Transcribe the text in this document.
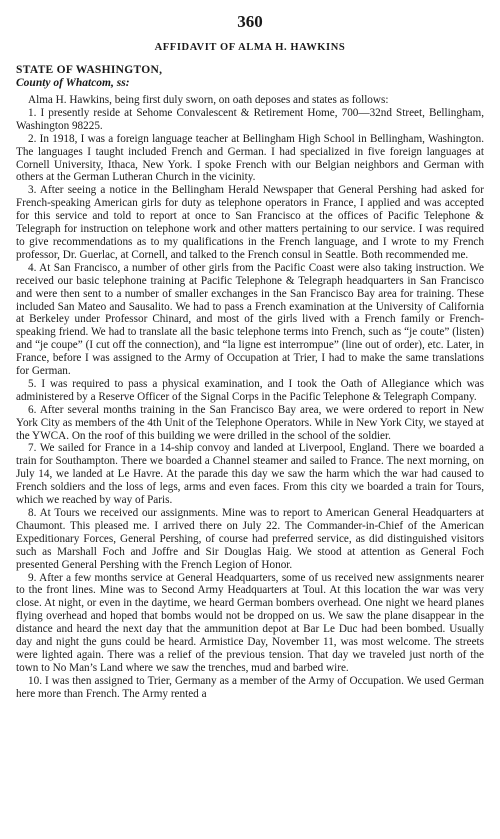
360
AFFIDAVIT OF ALMA H. HAWKINS
STATE OF WASHINGTON,
County of Whatcom, ss:

Alma H. Hawkins, being first duly sworn, on oath deposes and states as follows:

1. I presently reside at Sehome Convalescent & Retirement Home, 700—32nd Street, Bellingham, Washington 98225.

2. In 1918, I was a foreign language teacher at Bellingham High School in Bellingham, Washington. The languages I taught included French and German. I had specialized in five foreign languages at Cornell University, Ithaca, New York. I spoke French with our Belgian neighbors and German with others at the German Lutheran Church in the vicinity.

3. After seeing a notice in the Bellingham Herald Newspaper that General Pershing had asked for French-speaking American girls for duty as telephone operators in France, I applied and was accepted for this service and told to report at once to San Francisco at the offices of Pacific Telephone & Telegraph for instruction on telephone work and other matters pertaining to our service. I was required to give recommendations as to my qualifications in the French language, and I wrote to my French professor, Dr. Guerlac, at Cornell, and talked to the French consul in Seattle. Both recommended me.

4. At San Francisco, a number of other girls from the Pacific Coast were also taking instruction. We received our basic telephone training at Pacific Telephone & Telegraph headquarters in San Francisco and were then sent to a number of smaller exchanges in the San Francisco Bay area for training. These included San Mateo and Sausalito. We had to pass a French examination at the University of California at Berkeley under Professor Chinard, and most of the girls lived with a French family or French-speaking friend. We had to translate all the basic telephone terms into French, such as “je coute” (listen) and “je coupe” (I cut off the connection), and “la ligne est interrompue” (line out of order), etc. Later, in France, before I was assigned to the Army of Occupation at Trier, I had to make the same translations for German.

5. I was required to pass a physical examination, and I took the Oath of Allegiance which was administered by a Reserve Officer of the Signal Corps in the Pacific Telephone & Telegraph Company.

6. After several months training in the San Francisco Bay area, we were ordered to report in New York City as members of the 4th Unit of the Telephone Operators. While in New York City, we stayed at the YWCA. On the roof of this building we were drilled in the school of the soldier.

7. We sailed for France in a 14-ship convoy and landed at Liverpool, England. There we boarded a train for Southampton. There we boarded a Channel steamer and sailed to France. The next morning, on July 14, we landed at Le Havre. At the parade this day we saw the harm which the war had caused to French soldiers and the loss of legs, arms and even faces. From this city we boarded a train for Tours, which we reached by way of Paris.

8. At Tours we received our assignments. Mine was to report to American General Headquarters at Chaumont. This pleased me. I arrived there on July 22. The Commander-in-Chief of the American Expeditionary Forces, General Pershing, of course had preferred service, as did distinguished visitors such as Marshall Foch and Joffre and Sir Douglas Haig. We stood at attention as General Foch presented General Pershing with the French Legion of Honor.

9. After a few months service at General Headquarters, some of us received new assignments nearer to the front lines. Mine was to Second Army Headquarters at Toul. At this location the war was very close. At night, or even in the daytime, we heard German bombers overhead. One night we heard planes flying overhead and hoped that bombs would not be dropped on us. We saw the plane disappear in the distance and heard the next day that the ammunition depot at Bar Le Duc had been bombed. Usually day and night the guns could be heard. Armistice Day, November 11, was most welcome. The streets were lighted again. There was a relief of the previous tension. That day we traveled just north of the town to No Man’s Land where we saw the trenches, mud and barbed wire.

10. I was then assigned to Trier, Germany as a member of the Army of Occupation. We used German here more than French. The Army rented a
